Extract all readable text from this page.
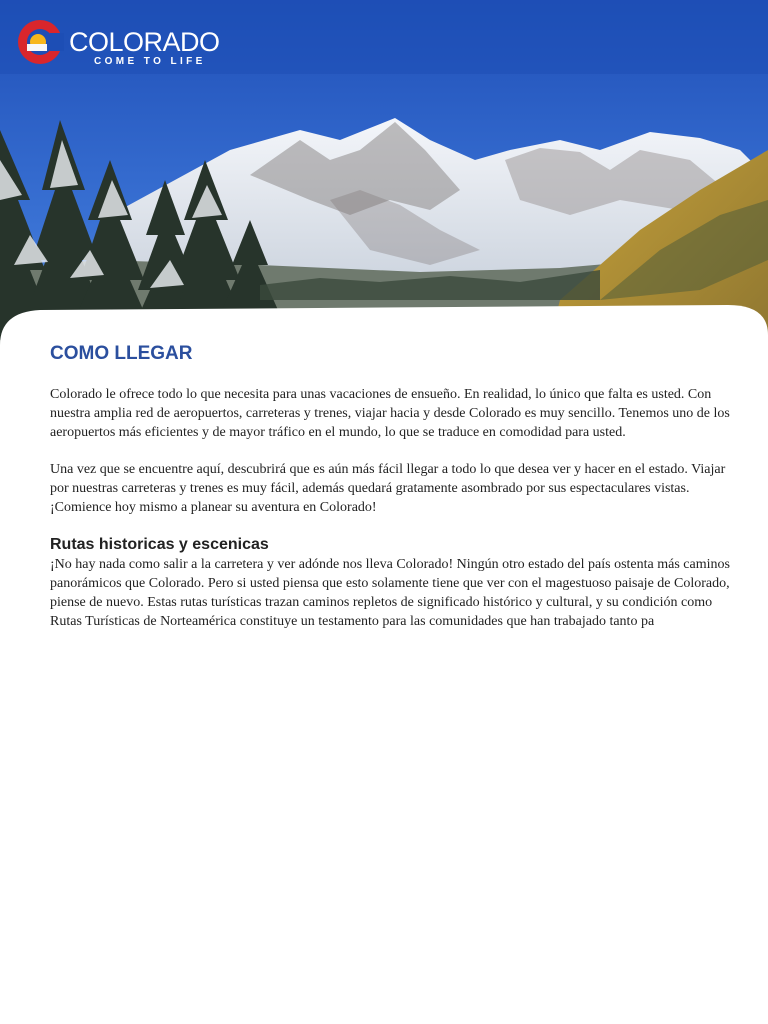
COLORADO
COME TO LIFE
COMO LLEGAR

Colorado le ofrece todo lo que necesita para unas vacaciones de ensueño. En realidad, lo único que falta es usted. Con nuestra amplia red de aeropuertos, carreteras y trenes, viajar hacia y desde Colorado es muy sencillo. Tenemos uno de los aeropuertos más eficientes y de mayor tráfico en el mundo, lo que se traduce en comodidad para usted.

Una vez que se encuentre aquí, descubrirá que es aún más fácil llegar a todo lo que desea ver y hacer en el estado. Viajar por nuestras carreteras y trenes es muy fácil, además quedará gratamente asombrado por sus espectaculares vistas. ¡Comience hoy mismo a planear su aventura en Colorado!

Rutas historicas y escenicas

¡No hay nada como salir a la carretera y ver adónde nos lleva Colorado! Ningún otro estado del país ostenta más caminos panorámicos que Colorado. Pero si usted piensa que esto solamente tiene que ver con el magestuoso paisaje de Colorado, piense de nuevo. Estas rutas turísticas trazan caminos repletos de significado histórico y cultural, y su condición como Rutas Turísticas de Norteamérica constituye un testamento para las comunidades que han trabajado tanto pa
